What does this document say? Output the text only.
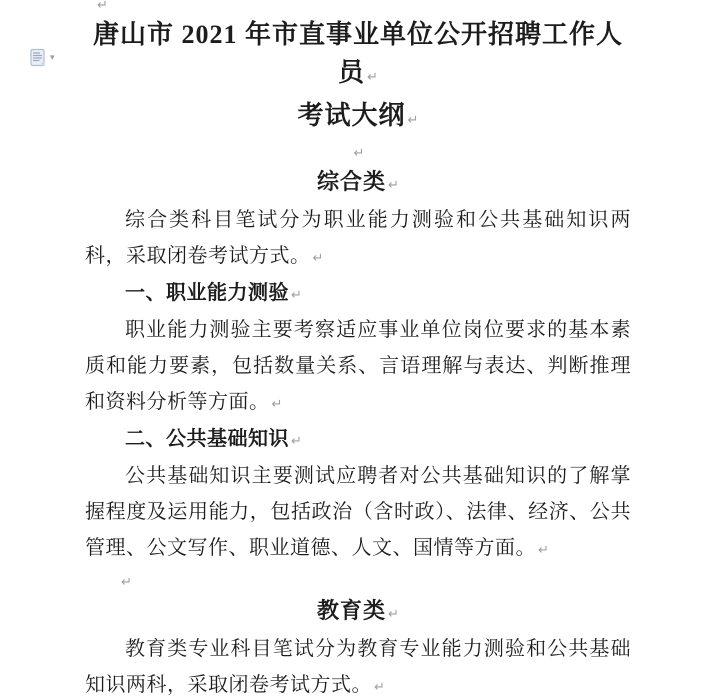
▾
↵
唐山市 2021 年市直事业单位公开招聘工作人员 ↵
考试大纲 ↵
↵
综合类 ↵

综合类科目笔试分为职业能力测验和公共基础知识两科，采取闭卷考试方式。 ↵

一、职业能力测验 ↵

职业能力测验主要考察适应事业单位岗位要求的基本素质和能力要素，包括数量关系、言语理解与表达、判断推理和资料分析等方面。 ↵

二、公共基础知识 ↵

公共基础知识主要测试应聘者对公共基础知识的了解掌握程度及运用能力，包括政治（含时政）、法律、经济、公共管理、公文写作、职业道德、人文、国情等方面。 ↵

↵
教育类 ↵

教育类专业科目笔试分为教育专业能力测验和公共基础知识两科，采取闭卷考试方式。 ↵
